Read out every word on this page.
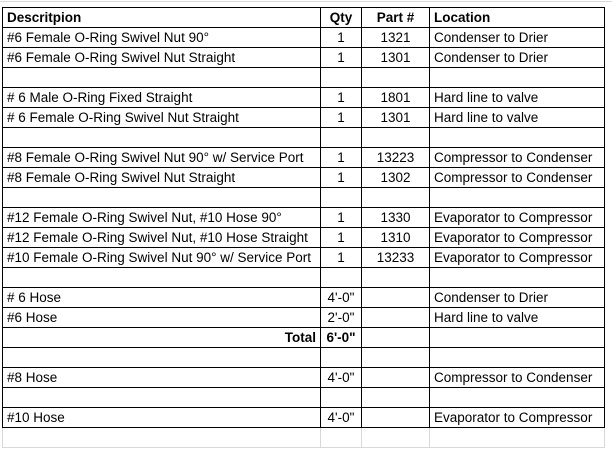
Descritpion	Qty	Part #	Location
#6 Female O-Ring Swivel Nut 90°	1	1321	Condenser to Drier
#6 Female O-Ring Swivel Nut Straight	1	1301	Condenser to Drier

# 6 Male O-Ring Fixed Straight	1	1801	Hard line to valve
# 6 Female O-Ring Swivel Nut Straight	1	1301	Hard line to valve

#8 Female O-Ring Swivel Nut 90° w/ Service Port	1	13223	Compressor to Condenser
#8 Female O-Ring Swivel Nut Straight	1	1302	Compressor to Condenser

#12 Female O-Ring Swivel Nut, #10 Hose 90°	1	1330	Evaporator to Compressor
#12 Female O-Ring Swivel Nut, #10 Hose Straight	1	1310	Evaporator to Compressor
#10 Female O-Ring Swivel Nut 90° w/ Service Port	1	13233	Evaporator to Compressor

# 6 Hose	4'-0"		Condenser to Drier
#6 Hose	2'-0"		Hard line to valve
Total	6'-0"		

#8 Hose	4'-0"		Compressor to Condenser

#10 Hose	4'-0"		Evaporator to Compressor
